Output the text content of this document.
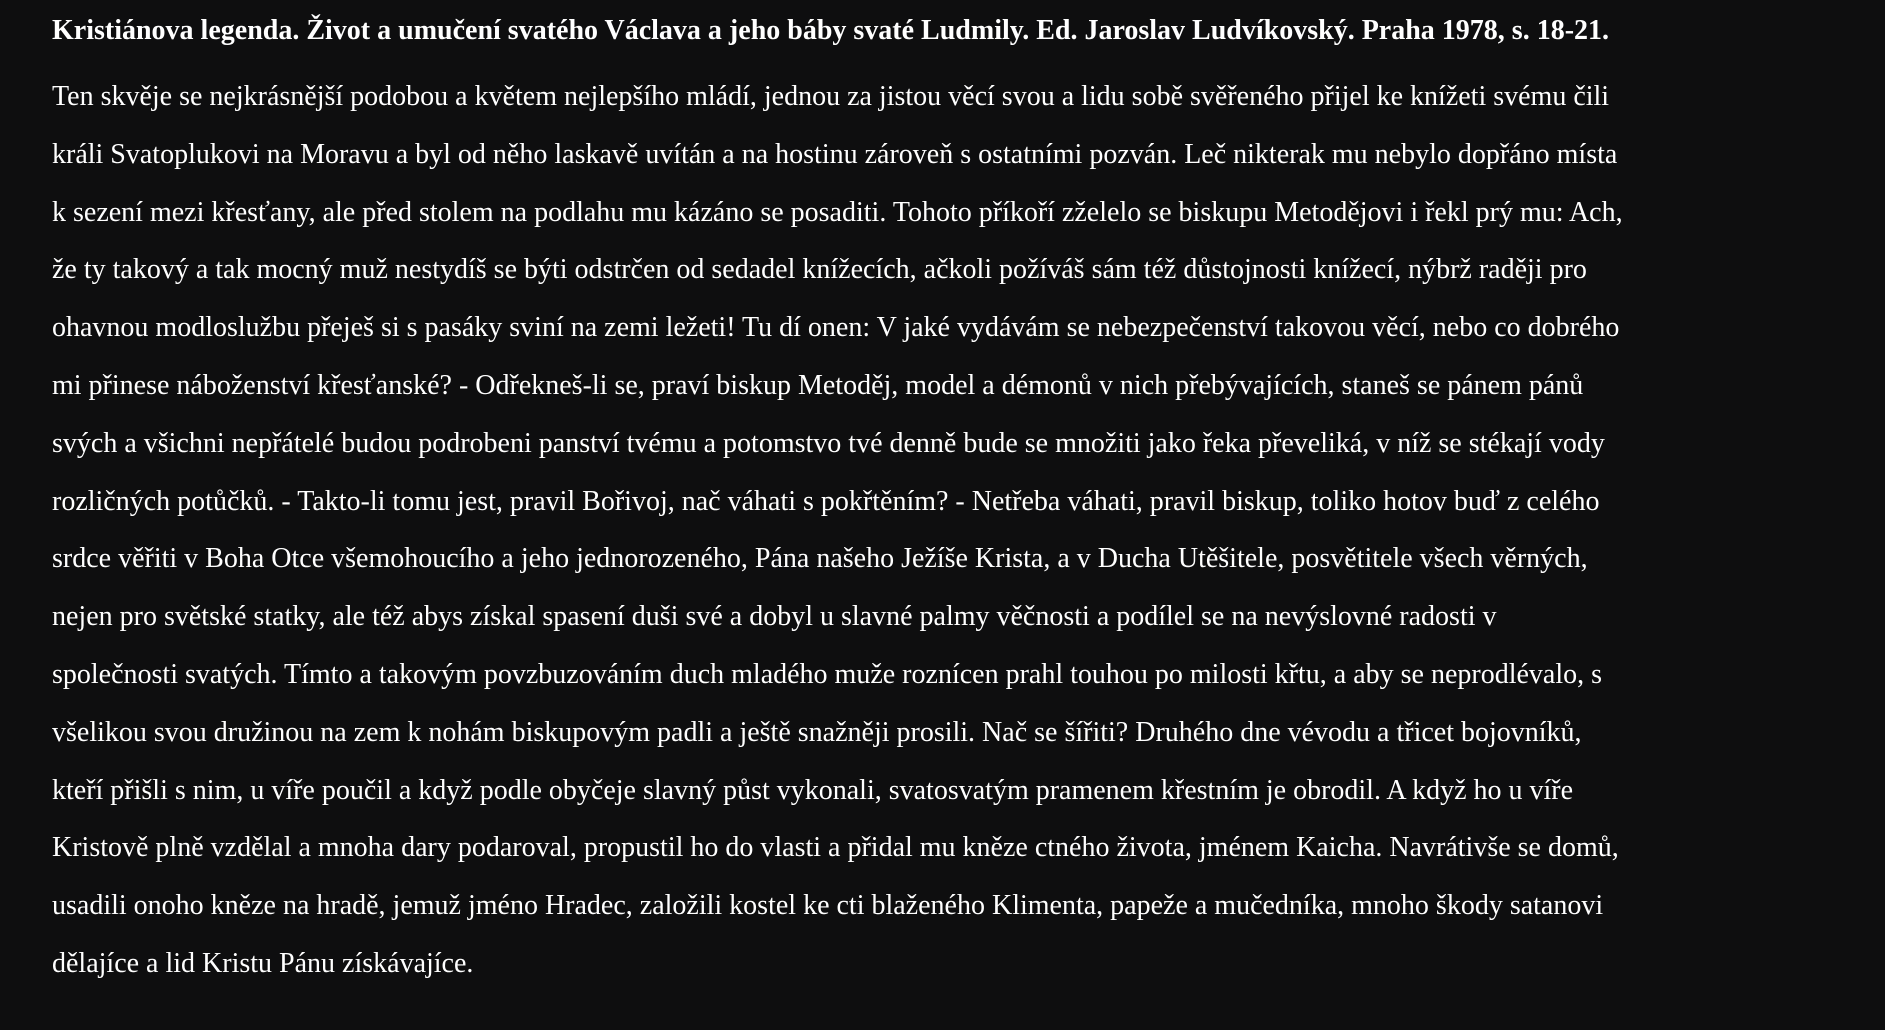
Kristiánova legenda. Život a umučení svatého Václava a jeho báby svaté Ludmily. Ed. Jaroslav Ludvíkovský. Praha 1978, s. 18-21.

Ten skvěje se nejkrásnější podobou a květem nejlepšího mládí, jednou za jistou věcí svou a lidu sobě svěřeného přijel ke knížeti svému čili
králi Svatoplukovi na Moravu a byl od něho laskavě uvítán a na hostinu zároveň s ostatními pozván. Leč nikterak mu nebylo dopřáno místa
k sezení mezi křesťany, ale před stolem na podlahu mu kázáno se posaditi. Tohoto příkoří zželelo se biskupu Metodějovi i řekl prý mu: Ach,
že ty takový a tak mocný muž nestydíš se býti odstrčen od sedadel knížecích, ačkoli požíváš sám též důstojnosti knížecí, nýbrž raději pro
ohavnou modloslužbu přeješ si s pasáky sviní na zemi ležeti! Tu dí onen: V jaké vydávám se nebezpečenství takovou věcí, nebo co dobrého
mi přinese náboženství křesťanské? - Odřekneš-li se, praví biskup Metoděj, model a démonů v nich přebývajících, staneš se pánem pánů
svých a všichni nepřátelé budou podrobeni panství tvému a potomstvo tvé denně bude se množiti jako řeka převeliká, v níž se stékají vody
rozličných potůčků. - Takto-li tomu jest, pravil Bořivoj, nač váhati s pokřtěním? - Netřeba váhati, pravil biskup, toliko hotov buď z celého
srdce věřiti v Boha Otce všemohoucího a jeho jednorozeného, Pána našeho Ježíše Krista, a v Ducha Utěšitele, posvětitele všech věrných,
nejen pro světské statky, ale též abys získal spasení duši své a dobyl u slavné palmy věčnosti a podílel se na nevýslovné radosti v
společnosti svatých. Tímto a takovým povzbuzováním duch mladého muže roznícen prahl touhou po milosti křtu, a aby se neprodlévalo, s
všelikou svou družinou na zem k nohám biskupovým padli a ještě snažněji prosili. Nač se šířiti? Druhého dne vévodu a třicet bojovníků,
kteří přišli s nim, u víře poučil a když podle obyčeje slavný půst vykonali, svatosvatým pramenem křestním je obrodil. A když ho u víře
Kristově plně vzdělal a mnoha dary podaroval, propustil ho do vlasti a přidal mu kněze ctného života, jménem Kaicha. Navrátivše se domů,
usadili onoho kněze na hradě, jemuž jméno Hradec, založili kostel ke cti blaženého Klimenta, papeže a mučedníka, mnoho škody satanovi
dělajíce a lid Kristu Pánu získávajíce.
